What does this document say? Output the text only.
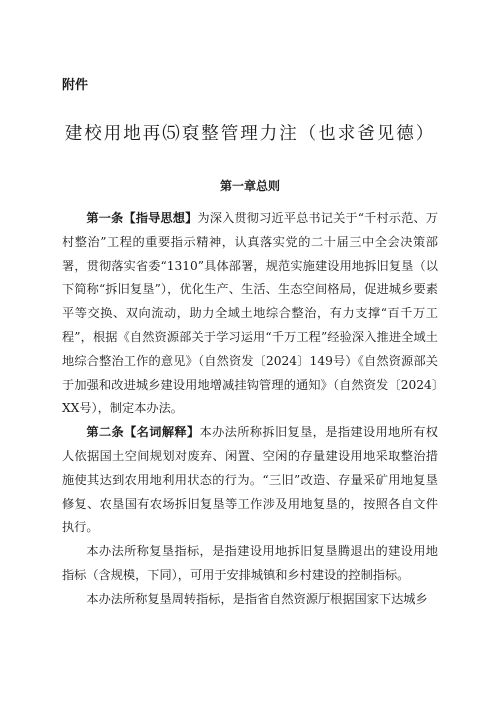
附件
建校用地再⑸裒整管理力注（也求爸见德）
第一章总则

第一条【指导思想】为深入贯彻习近平总书记关于“千村示范、万村整治”工程的重要指示精神，认真落实党的二十届三中全会决策部署，贯彻落实省委“1310”具体部署，规范实施建设用地拆旧复垦（以下简称“拆旧复垦”），优化生产、生活、生态空间格局，促进城乡要素平等交换、双向流动，助力全域土地综合整治，有力支撑“百千万工程”，根据《自然资源部关于学习运用“千万工程”经验深入推进全域土地综合整治工作的意见》（自然资发〔2024〕149号）《自然资源部关于加强和改进城乡建设用地增减挂钩管理的通知》（自然资发〔2024〕XX号），制定本办法。

第二条【名词解释】本办法所称拆旧复垦，是指建设用地所有权人依据国土空间规划对废弃、闲置、空闲的存量建设用地采取整治措施使其达到农用地利用状态的行为。“三旧”改造、存量采矿用地复垦修复、农垦国有农场拆旧复垦等工作涉及用地复垦的，按照各自文件执行。

本办法所称复垦指标，是指建设用地拆旧复垦腾退出的建设用地指标（含规模，下同），可用于安排城镇和乡村建设的控制指标。

本办法所称复垦周转指标，是指省自然资源厅根据国家下达城乡
